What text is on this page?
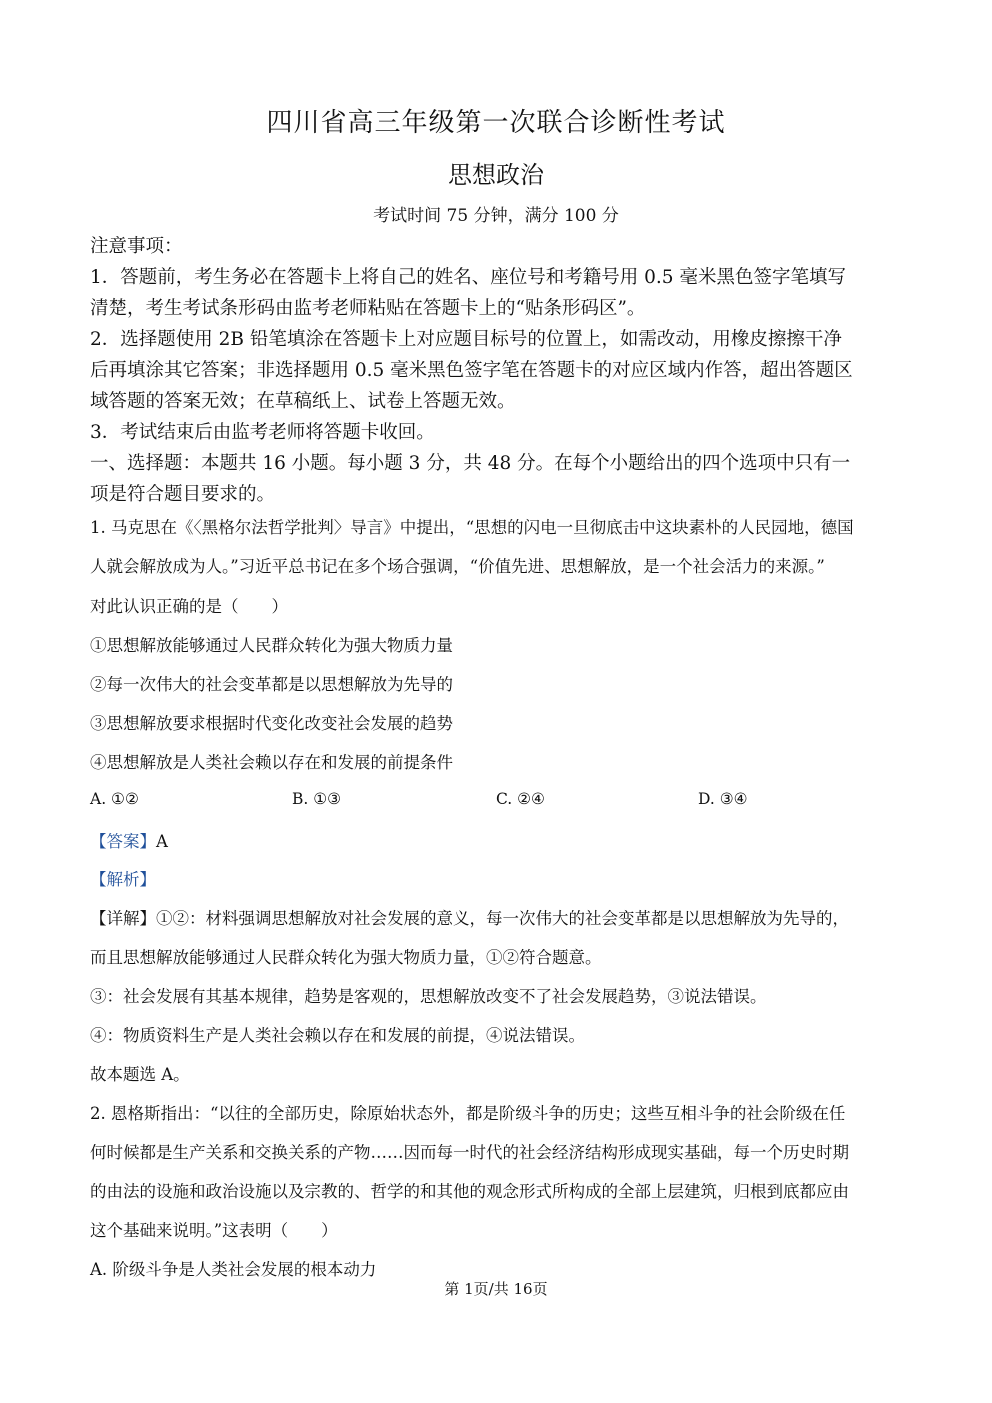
四川省高三年级第一次联合诊断性考试
思想政治
考试时间 75 分钟，满分 100 分
注意事项：
1．答题前，考生务必在答题卡上将自己的姓名、座位号和考籍号用 0.5 毫米黑色签字笔填写
清楚，考生考试条形码由监考老师粘贴在答题卡上的“贴条形码区”。
2．选择题使用 2B 铅笔填涂在答题卡上对应题目标号的位置上，如需改动，用橡皮擦擦干净
后再填涂其它答案；非选择题用 0.5 毫米黑色签字笔在答题卡的对应区域内作答，超出答题区
域答题的答案无效；在草稿纸上、试卷上答题无效。
3．考试结束后由监考老师将答题卡收回。
一、选择题：本题共 16 小题。每小题 3 分，共 48 分。在每个小题给出的四个选项中只有一
项是符合题目要求的。
1. 马克思在《〈黑格尔法哲学批判〉导言》中提出，“思想的闪电一旦彻底击中这块素朴的人民园地，德国
人就会解放成为人。”习近平总书记在多个场合强调，“价值先进、思想解放，是一个社会活力的来源。”
对此认识正确的是（　　）
①思想解放能够通过人民群众转化为强大物质力量
②每一次伟大的社会变革都是以思想解放为先导的
③思想解放要求根据时代变化改变社会发展的趋势
④思想解放是人类社会赖以存在和发展的前提条件
A. ①②	B. ①③	C. ②④	D. ③④
【答案】A
【解析】
【详解】①②：材料强调思想解放对社会发展的意义，每一次伟大的社会变革都是以思想解放为先导的，
而且思想解放能够通过人民群众转化为强大物质力量，①②符合题意。
③：社会发展有其基本规律，趋势是客观的，思想解放改变不了社会发展趋势，③说法错误。
④：物质资料生产是人类社会赖以存在和发展的前提，④说法错误。
故本题选 A。
2. 恩格斯指出：“以往的全部历史，除原始状态外，都是阶级斗争的历史；这些互相斗争的社会阶级在任
何时候都是生产关系和交换关系的产物……因而每一时代的社会经济结构形成现实基础，每一个历史时期
的由法的设施和政治设施以及宗教的、哲学的和其他的观念形式所构成的全部上层建筑，归根到底都应由
这个基础来说明。”这表明（　　）
A. 阶级斗争是人类社会发展的根本动力
第 1页/共 16页
